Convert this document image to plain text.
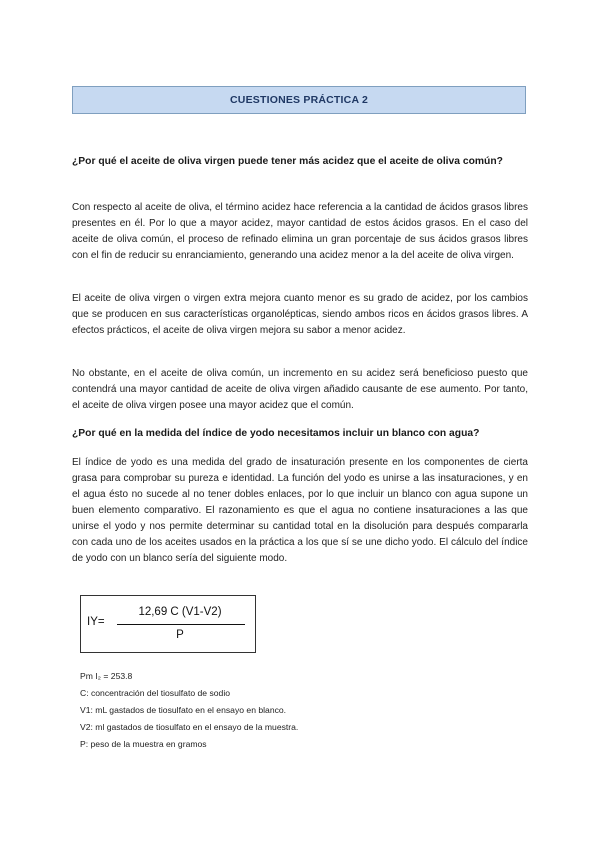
CUESTIONES PRÁCTICA 2
¿Por qué el aceite de oliva virgen puede tener más acidez que el aceite de oliva común?
Con respecto al aceite de oliva, el término acidez hace referencia a la cantidad de ácidos grasos libres presentes en él. Por lo que a mayor acidez, mayor cantidad de estos ácidos grasos. En el caso del aceite de oliva común, el proceso de refinado elimina un gran porcentaje de sus ácidos grasos libres con el fin de reducir su enranciamiento, generando una acidez menor a la del aceite de oliva virgen.
El aceite de oliva virgen o virgen extra mejora cuanto menor es su grado de acidez, por los cambios que se producen en sus características organolépticas, siendo ambos ricos en ácidos grasos libres. A efectos prácticos, el aceite de oliva virgen mejora su sabor a menor acidez.
No obstante, en el aceite de oliva común, un incremento en su acidez será beneficioso puesto que contendrá una mayor cantidad de aceite de oliva virgen añadido causante de ese aumento. Por tanto, el aceite de oliva virgen posee una mayor acidez que el común.
¿Por qué en la medida del índice de yodo necesitamos incluir un blanco con agua?
El índice de yodo es una medida del grado de insaturación presente en los componentes de cierta grasa para comprobar su pureza e identidad. La función del yodo es unirse a las insaturaciones, y en el agua ésto no sucede al no tener dobles enlaces, por lo que incluir un blanco con agua supone un buen elemento comparativo. El razonamiento es que el agua no contiene insaturaciones a las que unirse el yodo y nos permite determinar su cantidad total en la disolución para después compararla con cada uno de los aceites usados en la práctica a los que sí se une dicho yodo. El cálculo del índice de yodo con un blanco sería del siguiente modo.
IY=
12,69 C (V1-V2)
P
Pm I₂ = 253.8
C: concentración del tiosulfato de sodio
V1: mL gastados de tiosulfato en el ensayo en blanco.
V2: ml gastados de tiosulfato en el ensayo de la muestra.
P: peso de la muestra en gramos
